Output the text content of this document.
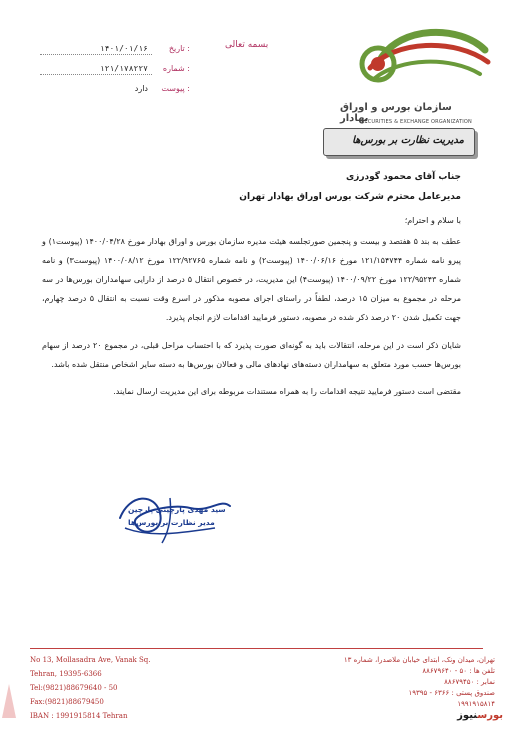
بسمه تعالی
۱۴۰۱/۰۱/۱۶	تاریخ :
۱۲۱/۱۷۸۲۲۷ شماره :
دارد پیوست :
سازمان بورس و اوراق بهادار
SECURITIES & EXCHANGE ORGANIZATION
مدیریت نظارت بر بورس‌ها
جناب آقای محمود گودرزی
مدیرعامل محترم شرکت بورس اوراق بهادار تهران
با سلام و احترام؛
عطف به بند ۵ هفتصد و بیست و پنجمین صورتجلسه هیئت مدیره سازمان بورس و اوراق بهادار مورخ ۱۴۰۰/۰۴/۲۸ (پیوست۱) و پیرو نامه شماره ۱۲۱/۱۵۴۷۴۴ مورخ ۱۴۰۰/۰۶/۱۶ (پیوست۲) و نامه شماره ۱۲۲/۹۲۷۶۵ مورخ ۱۴۰۰/۰۸/۱۲ (پیوست۳) و نامه شماره ۱۲۲/۹۵۲۴۳ مورخ ۱۴۰۰/۰۹/۲۲ (پیوست۴) این مدیریت، در خصوص انتقال ۵ درصد از دارایی سهامداران بورس‌ها در سه مرحله در مجموع به میزان ۱۵ درصد، لطفاً در راستای اجرای مصوبه مذکور در اسرع وقت نسبت به انتقال ۵ درصد چهارم، جهت تکمیل شدن ۲۰ درصد ذکر شده در مصوبه، دستور فرمایید اقدامات لازم انجام پذیرد.
شایان ذکر است در این مرحله، انتقالات باید به گونه‌ای صورت پذیرد که با احتساب مراحل قبلی، در مجموع ۲۰ درصد از سهام بورس‌ها حسب مورد متعلق به سهامداران دسته‌های نهادهای مالی و فعالان بورس‌ها به دسته سایر اشخاص منتقل شده باشد.
مقتضی است دستور فرمایید نتیجه اقدامات را به همراه مستندات مربوطه برای این مدیریت ارسال نمایند.
سید مهدی پارچینی پارچین
مدیر نظارت بر بورس‌ها
No 13, Mollasadra Ave, Vanak Sq.
Tehran, 19395-6366
Tel:(9821)88679640 - 50
Fax:(9821)88679450
IBAN : 1991915814 Tehran
تهران، میدان ونک، ابتدای خیابان ملاصدرا، شماره ۱۳
تلفن ها : ۵۰ - ۸۸۶۷۹۶۴۰
نمابر : ۸۸۶۷۹۴۵۰
صندوق پستی : ۶۳۶۶ - ۱۹۳۹۵
۱۹۹۱۹۱۵۸۱۴
بورسنیوز
